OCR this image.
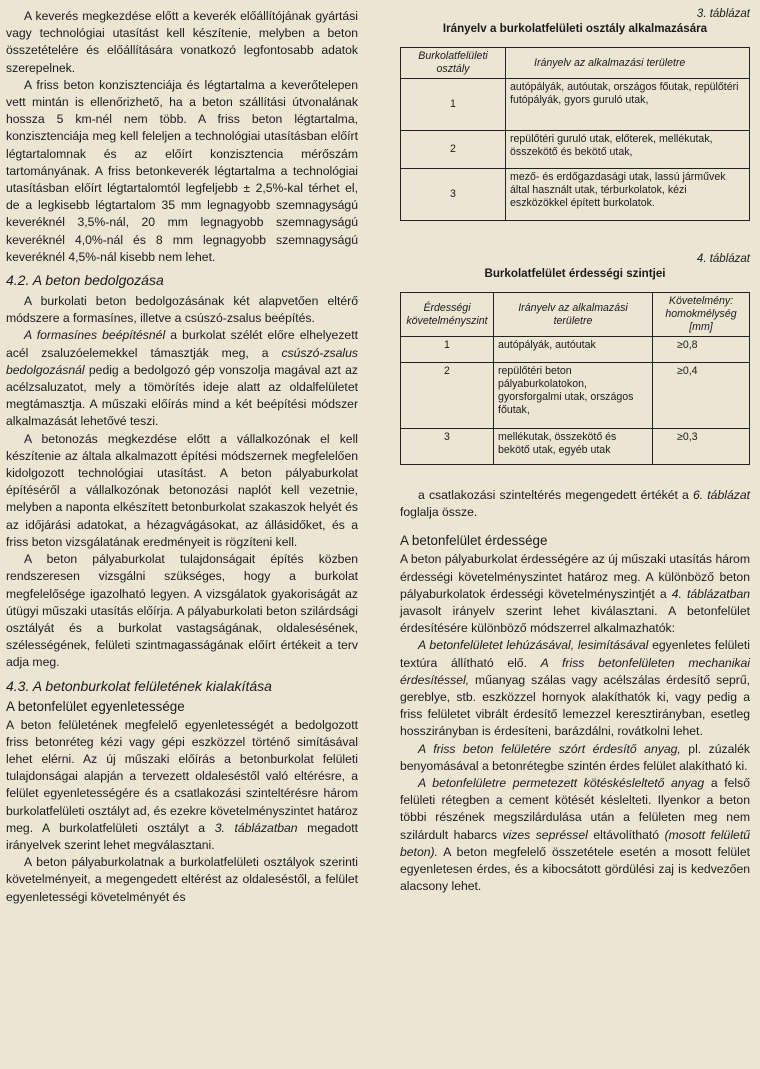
A keverés megkezdése előtt a keverék előállítójának gyártási vagy technológiai utasítást kell készítenie, melyben a beton összetételére és előállítására vonatkozó legfontosabb adatok szerepelnek.

A friss beton konzisztenciája és légtartalma a keverőtelepen vett mintán is ellenőrizhető, ha a beton szállítási útvonalának hossza 5 km-nél nem több. A friss beton légtartalma, konzisztenciája meg kell feleljen a technológiai utasításban előírt légtartalomnak és az előírt konzisztencia mérőszám tartományának. A friss betonkeverék légtartalma a technológiai utasításban előírt légtartalomtól legfeljebb ± 2,5%-kal térhet el, de a legkisebb légtartalom 35 mm legnagyobb szemnagyságú keveréknél 3,5%-nál, 20 mm legnagyobb szemnagyságú keveréknél 4,0%-nál és 8 mm legnagyobb szemnagyságú keveréknél 4,5%-nál kisebb nem lehet.

4.2. A beton bedolgozása

A burkolati beton bedolgozásának két alapvetően eltérő módszere a formasínes, illetve a csúszó-zsalus beépítés.

A formasínes beépítésnél a burkolat szélét előre elhelyezett acél zsaluzóelemekkel támasztják meg, a csúszó-zsalus bedolgozásnál pedig a bedolgozó gép vonszolja magával azt az acélzsaluzatot, mely a tömörítés ideje alatt az oldalfelületet megtámasztja. A műszaki előírás mind a két beépítési módszer alkalmazását lehetővé teszi.

A betonozás megkezdése előtt a vállalkozónak el kell készítenie az általa alkalmazott építési módszernek megfelelően kidolgozott technológiai utasítást. A beton pályaburkolat építéséről a vállalkozónak betonozási naplót kell vezetnie, melyben a naponta elkészített betonburkolat szakaszok helyét és az időjárási adatokat, a hézagvágásokat, az állásidőket, és a friss beton vizsgálatának eredményeit is rögzíteni kell.

A beton pályaburkolat tulajdonságait építés közben rendszeresen vizsgálni szükséges, hogy a burkolat megfelelősége igazolható legyen. A vizsgálatok gyakoriságát az útügyi műszaki utasítás előírja. A pályaburkolati beton szilárdsági osztályát és a burkolat vastagságának, oldalesésének, szélességének, felületi szintmagasságának előírt értékeit a terv adja meg.

4.3. A betonburkolat felületének kialakítása
A betonfelület egyenletessége

A beton felületének megfelelő egyenletességét a bedolgozott friss betonréteg kézi vagy gépi eszközzel történő simításával lehet elérni. Az új műszaki előírás a betonburkolat felületi tulajdonságai alapján a tervezett oldaleséstől való eltérésre, a felület egyenletességére és a csatlakozási szinteltérésre három burkolatfelületi osztályt ad, és ezekre követelményszintet határoz meg. A burkolatfelületi osztályt a 3. táblázatban megadott irányelvek szerint lehet megválasztani.

A beton pályaburkolatnak a burkolatfelületi osztályok szerinti követelményeit, a megengedett eltérést az oldaleséstől, a felület egyenletességi követelményét és

3. táblázat
Irányelv a burkolatfelületi osztály alkalmazására
Burkolatfelületi osztály	Irányelv az alkalmazási területre
1	autópályák, autóutak, országos főutak, repülőtéri futópályák, gyors guruló utak,
2	repülőtéri guruló utak, előterek, mellékutak, összekötő és bekötő utak,
3	mező- és erdőgazdasági utak, lassú járművek által használt utak, térburkolatok, kézi eszközökkel épített burkolatok.
4. táblázat
Burkolatfelület érdességi szintjei
Érdességi követelményszint	Irányelv az alkalmazási területre	Követelmény: homokmélység [mm]
1	autópályák, autóutak	≥0,8
2	repülőtéri beton pályaburkolatokon, gyorsforgalmi utak, országos főutak,	≥0,4
3	mellékutak, összekötő és bekötő utak, egyéb utak	≥0,3

a csatlakozási szinteltérés megengedett értékét a 6. táblázat foglalja össze.

A betonfelület érdessége

A beton pályaburkolat érdességére az új műszaki utasítás három érdességi követelményszintet határoz meg. A különböző beton pályaburkolatok érdességi követelményszintjét a 4. táblázatban javasolt irányelv szerint lehet kiválasztani. A betonfelület érdesítésére különböző módszerrel alkalmazhatók:

A betonfelületet lehúzásával, lesimításával egyenletes felületi textúra állítható elő. A friss betonfelületen mechanikai érdesítéssel, műanyag szálas vagy acélszálas érdesítő seprű, gereblye, stb. eszközzel hornyok alakíthatók ki, vagy pedig a friss felületet vibrált érdesítő lemezzel keresztirányban, esetleg hosszirányban is érdesíteni, barázdálni, rovátkolni lehet.

A friss beton felületére szórt érdesítő anyag, pl. zúzalék benyomásával a betonrétegbe szintén érdes felület alakítható ki.

A betonfelületre permetezett kötéskésleltető anyag a felső felületi rétegben a cement kötését késlelteti. Ilyenkor a beton többi részének megszilárdulása után a felületen meg nem szilárdult habarcs vizes sepréssel eltávolítható (mosott felületű beton). A beton megfelelő összetétele esetén a mosott felület egyenletesen érdes, és a kibocsátott gördülési zaj is kedvezően alacsony lehet.
